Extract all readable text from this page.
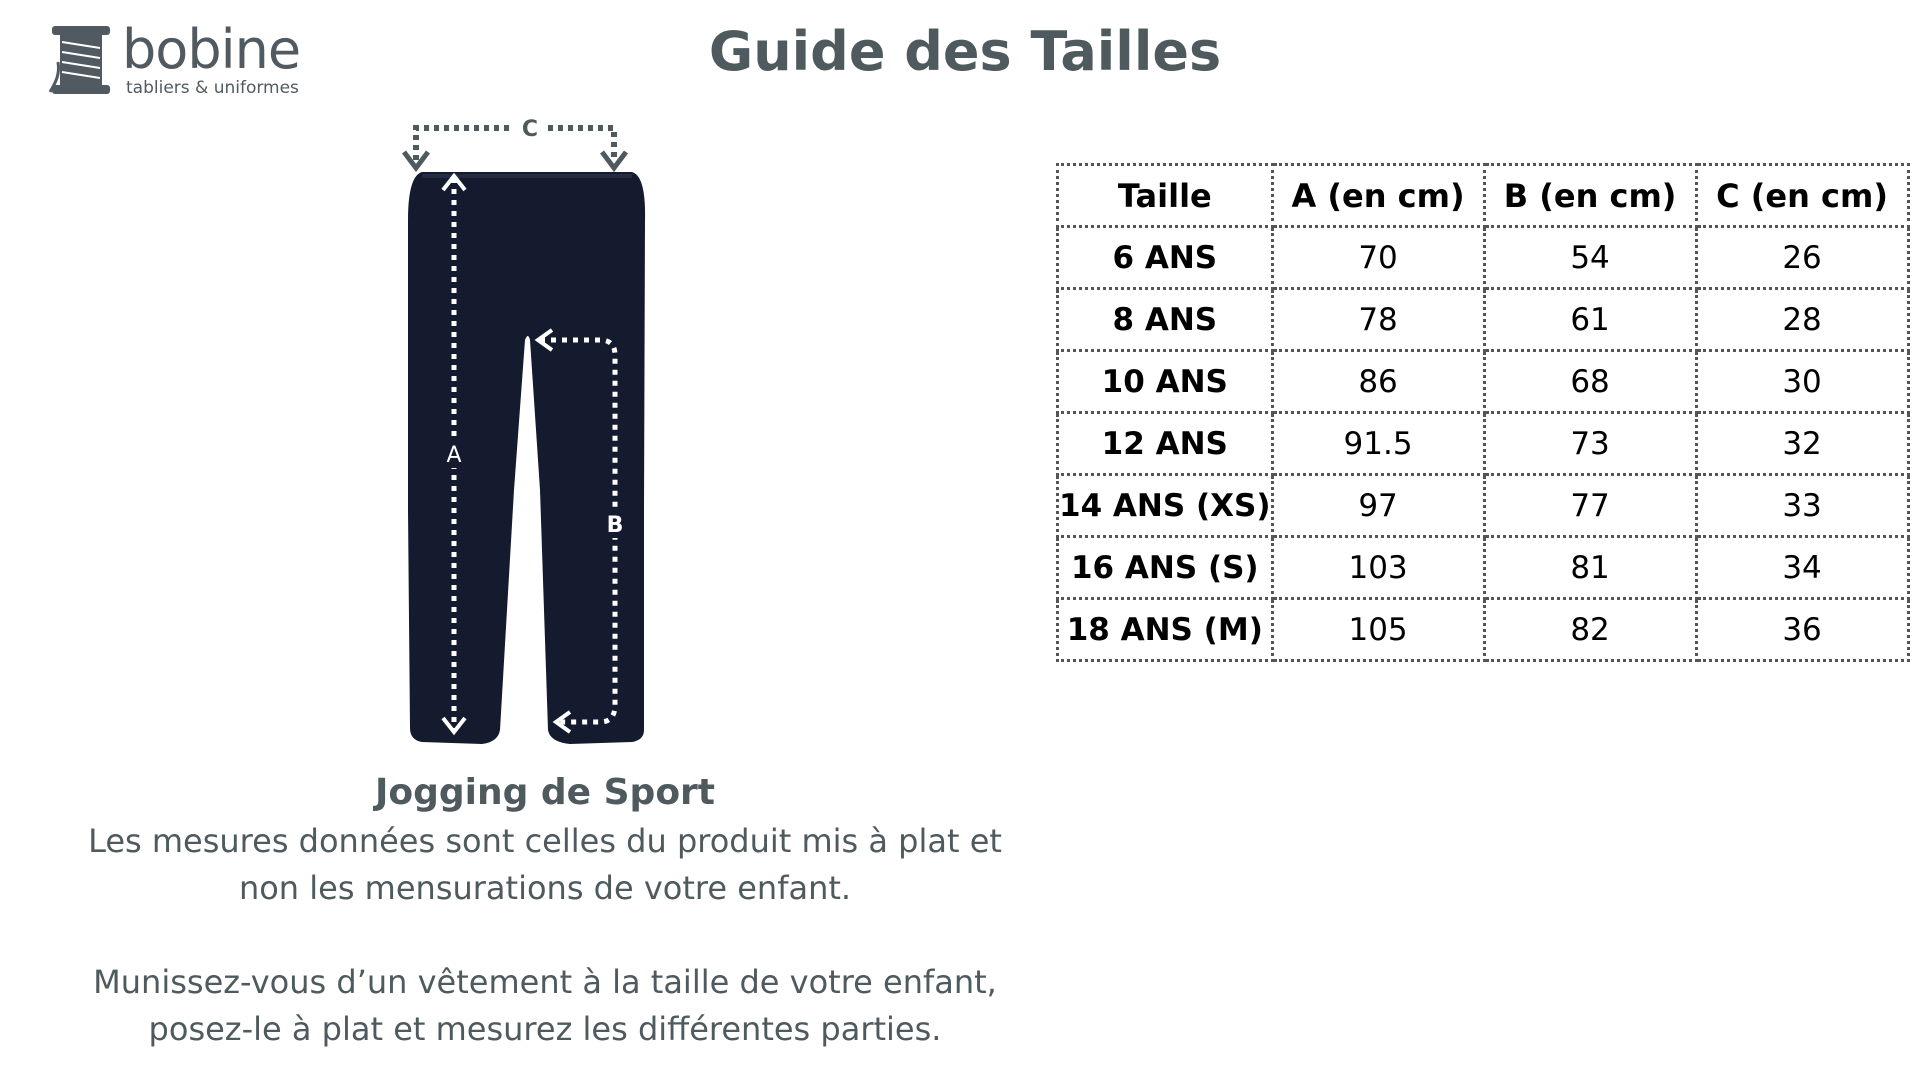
bobine
tabliers & uniformes
Guide des Tailles
C
A
B
Jogging de Sport

Les mesures données sont celles du produit mis à plat et

non les mensurations de votre enfant.

Munissez-vous d’un vêtement à la taille de votre enfant,

posez-le à plat et mesurez les différentes parties.

Taille	A (en cm)	B (en cm)	C (en cm)
6 ANS	70	54	26
8 ANS	78	61	28
10 ANS	86	68	30
12 ANS	91.5	73	32
14 ANS (XS)	97	77	33
16 ANS (S)	103	81	34
18 ANS (M)	105	82	36
